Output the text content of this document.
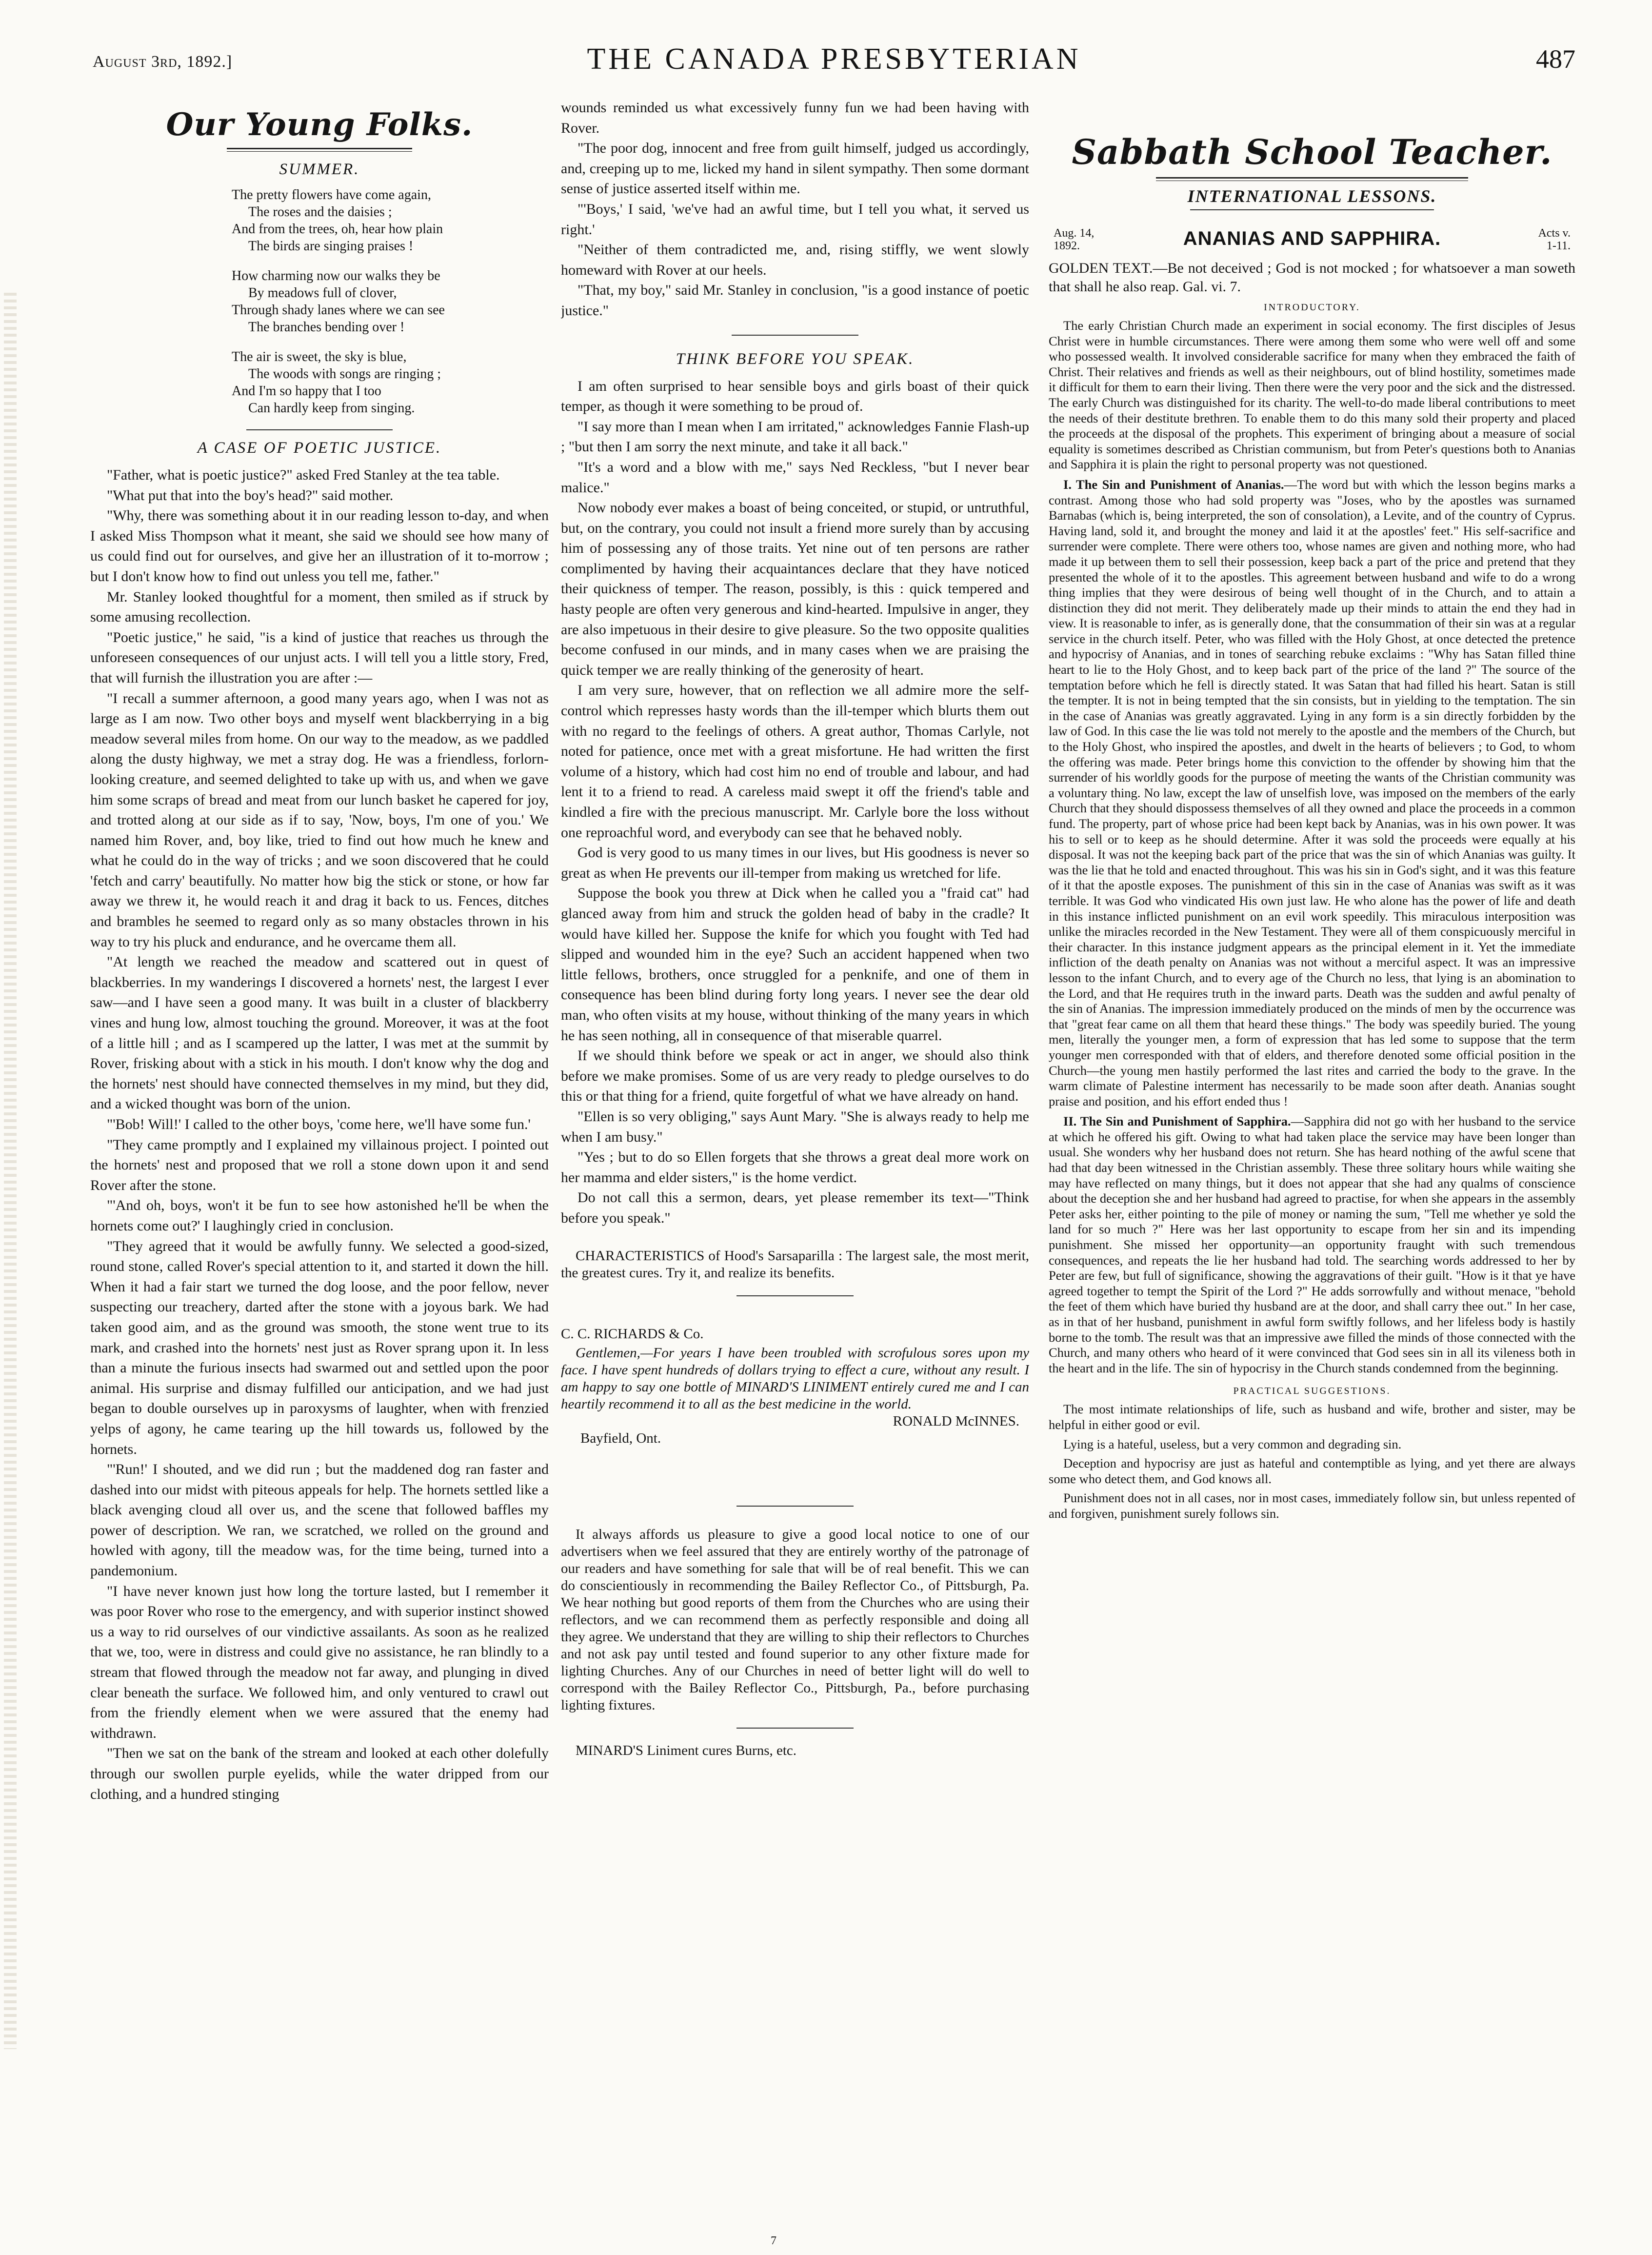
August 3rd, 1892.]	THE CANADA PRESBYTERIAN	487
Our Young Folks.
SUMMER.
The pretty flowers have come again,
The roses and the daisies ;
And from the trees, oh, hear how plain
The birds are singing praises !
How charming now our walks they be
By meadows full of clover,
Through shady lanes where we can see
The branches bending over !
The air is sweet, the sky is blue,
The woods with songs are ringing ;
And I'm so happy that I too
Can hardly keep from singing.
A CASE OF POETIC JUSTICE.

"Father, what is poetic justice?" asked Fred Stanley at the tea table.

"What put that into the boy's head?" said mother.

"Why, there was something about it in our reading lesson to-day, and when I asked Miss Thompson what it meant, she said we should see how many of us could find out for ourselves, and give her an illustration of it to-morrow ; but I don't know how to find out unless you tell me, father."

Mr. Stanley looked thoughtful for a moment, then smiled as if struck by some amusing recollection.

"Poetic justice," he said, "is a kind of justice that reaches us through the unforeseen consequences of our unjust acts. I will tell you a little story, Fred, that will furnish the illustration you are after :—

"I recall a summer afternoon, a good many years ago, when I was not as large as I am now. Two other boys and myself went blackberrying in a big meadow several miles from home. On our way to the meadow, as we paddled along the dusty highway, we met a stray dog. He was a friendless, forlorn-looking creature, and seemed delighted to take up with us, and when we gave him some scraps of bread and meat from our lunch basket he capered for joy, and trotted along at our side as if to say, 'Now, boys, I'm one of you.' We named him Rover, and, boy like, tried to find out how much he knew and what he could do in the way of tricks ; and we soon discovered that he could 'fetch and carry' beautifully. No matter how big the stick or stone, or how far away we threw it, he would reach it and drag it back to us. Fences, ditches and brambles he seemed to regard only as so many obstacles thrown in his way to try his pluck and endurance, and he overcame them all.

"At length we reached the meadow and scattered out in quest of blackberries. In my wanderings I discovered a hornets' nest, the largest I ever saw—and I have seen a good many. It was built in a cluster of blackberry vines and hung low, almost touching the ground. Moreover, it was at the foot of a little hill ; and as I scampered up the latter, I was met at the summit by Rover, frisking about with a stick in his mouth. I don't know why the dog and the hornets' nest should have connected themselves in my mind, but they did, and a wicked thought was born of the union.

"'Bob! Will!' I called to the other boys, 'come here, we'll have some fun.'

"They came promptly and I explained my villainous project. I pointed out the hornets' nest and proposed that we roll a stone down upon it and send Rover after the stone.

"'And oh, boys, won't it be fun to see how astonished he'll be when the hornets come out?' I laughingly cried in conclusion.

"They agreed that it would be awfully funny. We selected a good-sized, round stone, called Rover's special attention to it, and started it down the hill. When it had a fair start we turned the dog loose, and the poor fellow, never suspecting our treachery, darted after the stone with a joyous bark. We had taken good aim, and as the ground was smooth, the stone went true to its mark, and crashed into the hornets' nest just as Rover sprang upon it. In less than a minute the furious insects had swarmed out and settled upon the poor animal. His surprise and dismay fulfilled our anticipation, and we had just began to double ourselves up in paroxysms of laughter, when with frenzied yelps of agony, he came tearing up the hill towards us, followed by the hornets.

"'Run!' I shouted, and we did run ; but the maddened dog ran faster and dashed into our midst with piteous appeals for help. The hornets settled like a black avenging cloud all over us, and the scene that followed baffles my power of description. We ran, we scratched, we rolled on the ground and howled with agony, till the meadow was, for the time being, turned into a pandemonium.

"I have never known just how long the torture lasted, but I remember it was poor Rover who rose to the emergency, and with superior instinct showed us a way to rid ourselves of our vindictive assailants. As soon as he realized that we, too, were in distress and could give no assistance, he ran blindly to a stream that flowed through the meadow not far away, and plunging in dived clear beneath the surface. We followed him, and only ventured to crawl out from the friendly element when we were assured that the enemy had withdrawn.

"Then we sat on the bank of the stream and looked at each other dolefully through our swollen purple eyelids, while the water dripped from our clothing, and a hundred stinging

wounds reminded us what excessively funny fun we had been having with Rover.

"The poor dog, innocent and free from guilt himself, judged us accordingly, and, creeping up to me, licked my hand in silent sympathy. Then some dormant sense of justice asserted itself within me.

"'Boys,' I said, 'we've had an awful time, but I tell you what, it served us right.'

"Neither of them contradicted me, and, rising stiffly, we went slowly homeward with Rover at our heels.

"That, my boy," said Mr. Stanley in conclusion, "is a good instance of poetic justice."

THINK BEFORE YOU SPEAK.

I am often surprised to hear sensible boys and girls boast of their quick temper, as though it were something to be proud of.

"I say more than I mean when I am irritated," acknowledges Fannie Flash-up ; "but then I am sorry the next minute, and take it all back."

"It's a word and a blow with me," says Ned Reckless, "but I never bear malice."

Now nobody ever makes a boast of being conceited, or stupid, or untruthful, but, on the contrary, you could not insult a friend more surely than by accusing him of possessing any of those traits. Yet nine out of ten persons are rather complimented by having their acquaintances declare that they have noticed their quickness of temper. The reason, possibly, is this : quick tempered and hasty people are often very generous and kind-hearted. Impulsive in anger, they are also impetuous in their desire to give pleasure. So the two opposite qualities become confused in our minds, and in many cases when we are praising the quick temper we are really thinking of the generosity of heart.

I am very sure, however, that on reflection we all admire more the self-control which represses hasty words than the ill-temper which blurts them out with no regard to the feelings of others. A great author, Thomas Carlyle, not noted for patience, once met with a great misfortune. He had written the first volume of a history, which had cost him no end of trouble and labour, and had lent it to a friend to read. A careless maid swept it off the friend's table and kindled a fire with the precious manuscript. Mr. Carlyle bore the loss without one reproachful word, and everybody can see that he behaved nobly.

God is very good to us many times in our lives, but His goodness is never so great as when He prevents our ill-temper from making us wretched for life.

Suppose the book you threw at Dick when he called you a "fraid cat" had glanced away from him and struck the golden head of baby in the cradle? It would have killed her. Suppose the knife for which you fought with Ted had slipped and wounded him in the eye? Such an accident happened when two little fellows, brothers, once struggled for a penknife, and one of them in consequence has been blind during forty long years. I never see the dear old man, who often visits at my house, without thinking of the many years in which he has seen nothing, all in consequence of that miserable quarrel.

If we should think before we speak or act in anger, we should also think before we make promises. Some of us are very ready to pledge ourselves to do this or that thing for a friend, quite forgetful of what we have already on hand.

"Ellen is so very obliging," says Aunt Mary. "She is always ready to help me when I am busy."

"Yes ; but to do so Ellen forgets that she throws a great deal more work on her mamma and elder sisters," is the home verdict.

Do not call this a sermon, dears, yet please remember its text—"Think before you speak."

CHARACTERISTICS of Hood's Sarsaparilla : The largest sale, the most merit, the greatest cures. Try it, and realize its benefits.

C. C. RICHARDS & Co.

Gentlemen,—For years I have been troubled with scrofulous sores upon my face. I have spent hundreds of dollars trying to effect a cure, without any result. I am happy to say one bottle of MINARD'S LINIMENT entirely cured me and I can heartily recommend it to all as the best medicine in the world.

RONALD McINNES.
Bayfield, Ont.

It always affords us pleasure to give a good local notice to one of our advertisers when we feel assured that they are entirely worthy of the patronage of our readers and have something for sale that will be of real benefit. This we can do conscientiously in recommending the Bailey Reflector Co., of Pittsburgh, Pa. We hear nothing but good reports of them from the Churches who are using their reflectors, and we can recommend them as perfectly responsible and doing all they agree. We understand that they are willing to ship their reflectors to Churches and not ask pay until tested and found superior to any other fixture made for lighting Churches. Any of our Churches in need of better light will do well to correspond with the Bailey Reflector Co., Pittsburgh, Pa., before purchasing lighting fixtures.

MINARD'S Liniment cures Burns, etc.

Sabbath School Teacher.
INTERNATIONAL LESSONS.
Aug. 14,
1892.	ANANIAS AND SAPPHIRA.	Acts v.
1-11.
GOLDEN TEXT.—Be not deceived ; God is not mocked ; for whatsoever a man soweth that shall he also reap. Gal. vi. 7.
INTRODUCTORY.

The early Christian Church made an experiment in social economy. The first disciples of Jesus Christ were in humble circumstances. There were among them some who were well off and some who possessed wealth. It involved considerable sacrifice for many when they embraced the faith of Christ. Their relatives and friends as well as their neighbours, out of blind hostility, sometimes made it difficult for them to earn their living. Then there were the very poor and the sick and the distressed. The early Church was distinguished for its charity. The well-to-do made liberal contributions to meet the needs of their destitute brethren. To enable them to do this many sold their property and placed the proceeds at the disposal of the prophets. This experiment of bringing about a measure of social equality is sometimes described as Christian communism, but from Peter's questions both to Ananias and Sapphira it is plain the right to personal property was not questioned.

I. The Sin and Punishment of Ananias.—The word but with which the lesson begins marks a contrast. Among those who had sold property was "Joses, who by the apostles was surnamed Barnabas (which is, being interpreted, the son of consolation), a Levite, and of the country of Cyprus. Having land, sold it, and brought the money and laid it at the apostles' feet." His self-sacrifice and surrender were complete. There were others too, whose names are given and nothing more, who had made it up between them to sell their possession, keep back a part of the price and pretend that they presented the whole of it to the apostles. This agreement between husband and wife to do a wrong thing implies that they were desirous of being well thought of in the Church, and to attain a distinction they did not merit. They deliberately made up their minds to attain the end they had in view. It is reasonable to infer, as is generally done, that the consummation of their sin was at a regular service in the church itself. Peter, who was filled with the Holy Ghost, at once detected the pretence and hypocrisy of Ananias, and in tones of searching rebuke exclaims : "Why has Satan filled thine heart to lie to the Holy Ghost, and to keep back part of the price of the land ?" The source of the temptation before which he fell is directly stated. It was Satan that had filled his heart. Satan is still the tempter. It is not in being tempted that the sin consists, but in yielding to the temptation. The sin in the case of Ananias was greatly aggravated. Lying in any form is a sin directly forbidden by the law of God. In this case the lie was told not merely to the apostle and the members of the Church, but to the Holy Ghost, who inspired the apostles, and dwelt in the hearts of believers ; to God, to whom the offering was made. Peter brings home this conviction to the offender by showing him that the surrender of his worldly goods for the purpose of meeting the wants of the Christian community was a voluntary thing. No law, except the law of unselfish love, was imposed on the members of the early Church that they should dispossess themselves of all they owned and place the proceeds in a common fund. The property, part of whose price had been kept back by Ananias, was in his own power. It was his to sell or to keep as he should determine. After it was sold the proceeds were equally at his disposal. It was not the keeping back part of the price that was the sin of which Ananias was guilty. It was the lie that he told and enacted throughout. This was his sin in God's sight, and it was this feature of it that the apostle exposes. The punishment of this sin in the case of Ananias was swift as it was terrible. It was God who vindicated His own just law. He who alone has the power of life and death in this instance inflicted punishment on an evil work speedily. This miraculous interposition was unlike the miracles recorded in the New Testament. They were all of them conspicuously merciful in their character. In this instance judgment appears as the principal element in it. Yet the immediate infliction of the death penalty on Ananias was not without a merciful aspect. It was an impressive lesson to the infant Church, and to every age of the Church no less, that lying is an abomination to the Lord, and that He requires truth in the inward parts. Death was the sudden and awful penalty of the sin of Ananias. The impression immediately produced on the minds of men by the occurrence was that "great fear came on all them that heard these things." The body was speedily buried. The young men, literally the younger men, a form of expression that has led some to suppose that the term younger men corresponded with that of elders, and therefore denoted some official position in the Church—the young men hastily performed the last rites and carried the body to the grave. In the warm climate of Palestine interment has necessarily to be made soon after death. Ananias sought praise and position, and his effort ended thus !

II. The Sin and Punishment of Sapphira.—Sapphira did not go with her husband to the service at which he offered his gift. Owing to what had taken place the service may have been longer than usual. She wonders why her husband does not return. She has heard nothing of the awful scene that had that day been witnessed in the Christian assembly. These three solitary hours while waiting she may have reflected on many things, but it does not appear that she had any qualms of conscience about the deception she and her husband had agreed to practise, for when she appears in the assembly Peter asks her, either pointing to the pile of money or naming the sum, "Tell me whether ye sold the land for so much ?" Here was her last opportunity to escape from her sin and its impending punishment. She missed her opportunity—an opportunity fraught with such tremendous consequences, and repeats the lie her husband had told. The searching words addressed to her by Peter are few, but full of significance, showing the aggravations of their guilt. "How is it that ye have agreed together to tempt the Spirit of the Lord ?" He adds sorrowfully and without menace, "behold the feet of them which have buried thy husband are at the door, and shall carry thee out." In her case, as in that of her husband, punishment in awful form swiftly follows, and her lifeless body is hastily borne to the tomb. The result was that an impressive awe filled the minds of those connected with the Church, and many others who heard of it were convinced that God sees sin in all its vileness both in the heart and in the life. The sin of hypocrisy in the Church stands condemned from the beginning.

PRACTICAL SUGGESTIONS.

The most intimate relationships of life, such as husband and wife, brother and sister, may be helpful in either good or evil.

Lying is a hateful, useless, but a very common and degrading sin.

Deception and hypocrisy are just as hateful and contemptible as lying, and yet there are always some who detect them, and God knows all.

Punishment does not in all cases, nor in most cases, immediately follow sin, but unless repented of and forgiven, punishment surely follows sin.

7
